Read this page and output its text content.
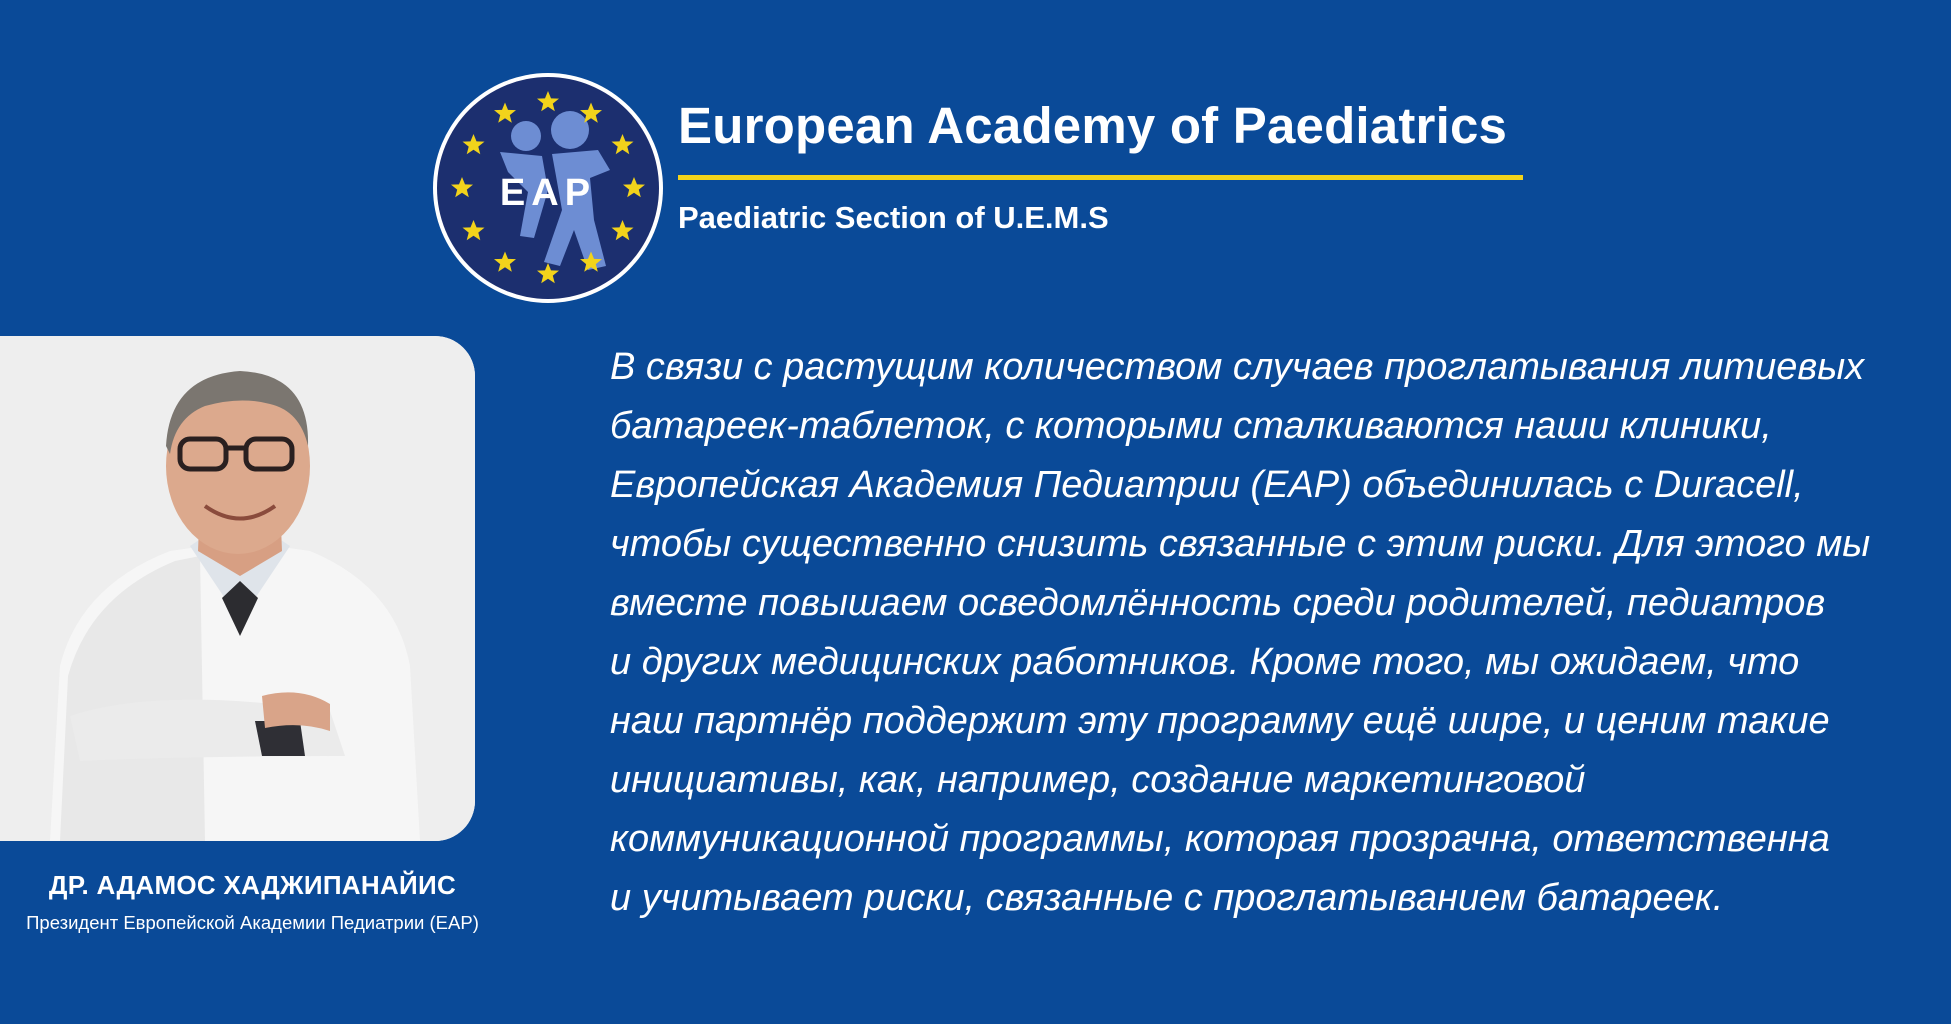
EAP
European Academy of Paediatrics
Paediatric Section of U.E.M.S
ДР. АДАМОС ХАДЖИПАНАЙИС
Президент Европейской Академии Педиатрии (EAP)
В связи с растущим количеством случаев проглатывания литиевых
батареек-таблеток, с которыми сталкиваются наши клиники,
Европейская Академия Педиатрии (EAP) объединилась с Duracell,
чтобы существенно снизить связанные с этим риски. Для этого мы
вместе повышаем осведомлённость среди родителей, педиатров
и других медицинских работников. Кроме того, мы ожидаем, что
наш партнёр поддержит эту программу ещё шире, и ценим такие
инициативы, как, например, создание маркетинговой
коммуникационной программы, которая прозрачна, ответственна
и учитывает риски, связанные с проглатыванием батареек.
